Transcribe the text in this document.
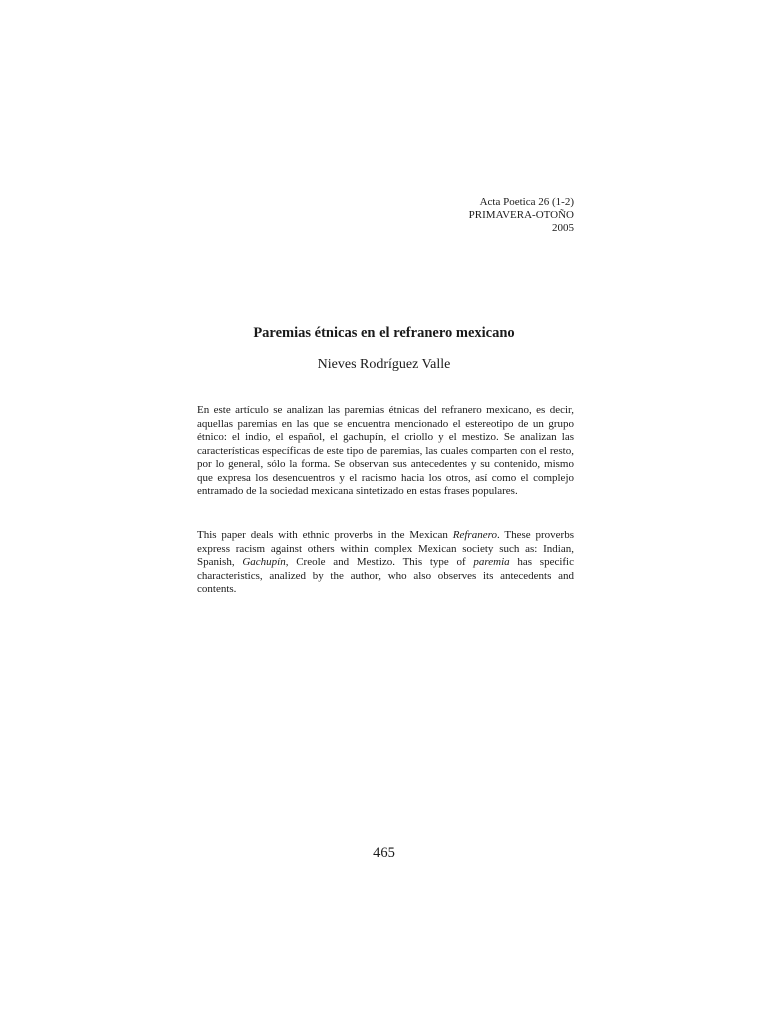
Acta Poetica 26 (1-2)
PRIMAVERA-OTOÑO
2005
Paremias étnicas en el refranero mexicano
Nieves Rodríguez Valle

En este artículo se analizan las paremias étnicas del refranero mexicano, es decir, aquellas paremias en las que se encuentra mencionado el estereotipo de un grupo étnico: el indio, el español, el gachupín, el criollo y el mestizo. Se analizan las características específicas de este tipo de paremias, las cuales comparten con el resto, por lo general, sólo la forma. Se observan sus antecedentes y su contenido, mismo que expresa los desencuentros y el racismo hacia los otros, así como el complejo entramado de la sociedad mexicana sintetizado en estas frases populares.

This paper deals with ethnic proverbs in the Mexican Refranero. These proverbs express racism against others within complex Mexican society such as: Indian, Spanish, Gachupín, Creole and Mestizo. This type of paremia has specific characteristics, analized by the author, who also observes its antecedents and contents.

465
